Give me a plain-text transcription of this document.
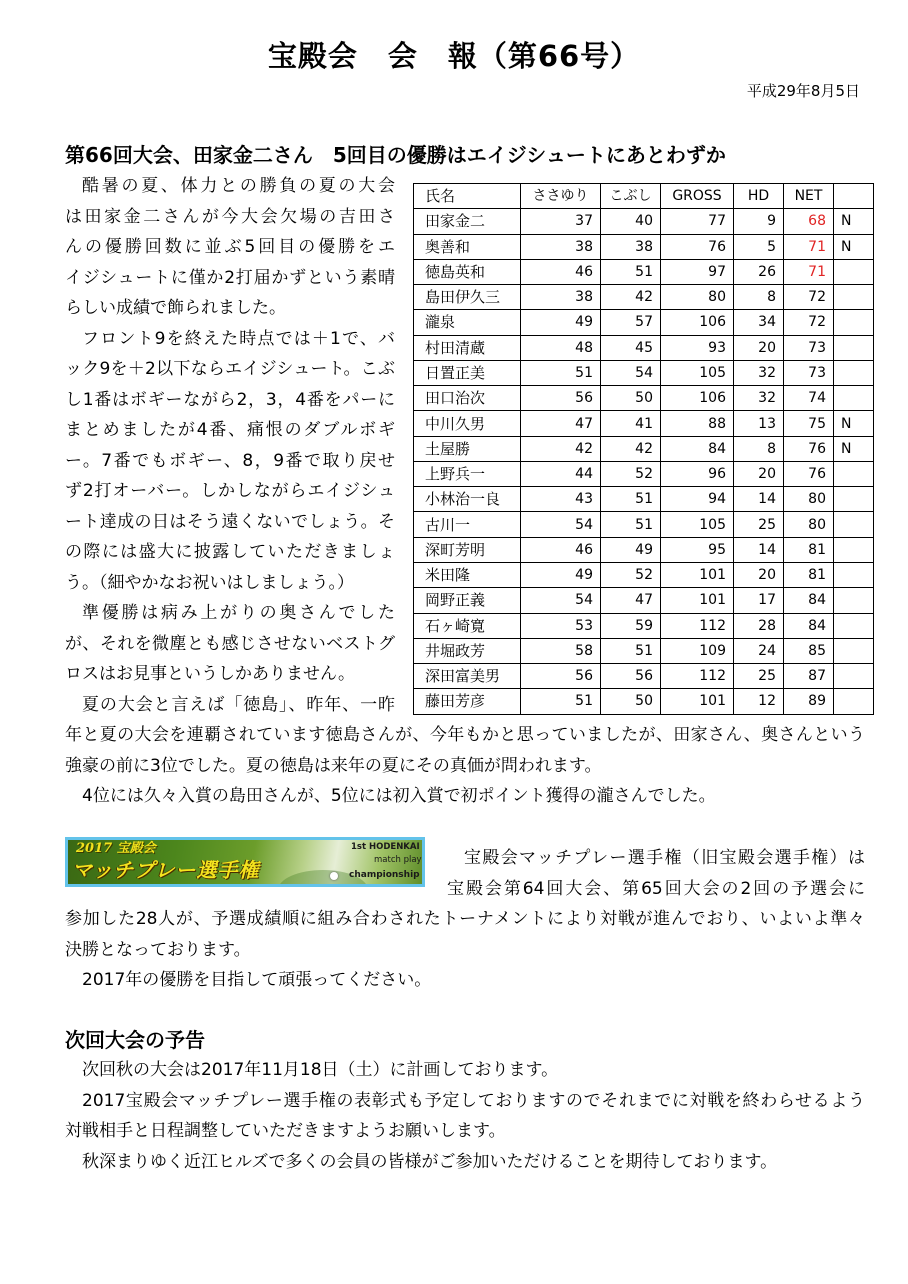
宝殿会　会　報（第66号）
平成29年8月5日
第66回大会、田家金二さん　5回目の優勝はエイジシュートにあとわずか
酷暑の夏、体力との勝負の夏の大会
は田家金二さんが今大会欠場の吉田さ
んの優勝回数に並ぶ5回目の優勝をエ
イジシュートに僅か2打届かずという素晴
らしい成績で飾られました。
フロント9を終えた時点では＋1で、バ
ック9を＋2以下ならエイジシュート。こぶ
し1番はボギーながら2，3，4番をパーに
まとめましたが4番、痛恨のダブルボギ
ー。7番でもボギー、8，9番で取り戻せ
ず2打オーバー。しかしながらエイジシュ
ート達成の日はそう遠くないでしょう。そ
の際には盛大に披露していただきましょ
う。（細やかなお祝いはしましょう。）
準優勝は病み上がりの奥さんでした
が、それを微塵とも感じさせないベストグ
ロスはお見事というしかありません。
夏の大会と言えば「徳島」、昨年、一昨
年と夏の大会を連覇されています徳島さんが、今年もかと思っていましたが、田家さん、奥さんという
強豪の前に3位でした。夏の徳島は来年の夏にその真価が問われます。
4位には久々入賞の島田さんが、5位には初入賞で初ポイント獲得の瀧さんでした。
氏名	ささゆり	こぶし	GROSS	HD	NET	
田家金二	37	40	77	9	68	N
奥善和	38	38	76	5	71	N
徳島英和	46	51	97	26	71	
島田伊久三	38	42	80	8	72	
瀧泉	49	57	106	34	72	
村田清蔵	48	45	93	20	73	
日置正美	51	54	105	32	73	
田口治次	56	50	106	32	74	
中川久男	47	41	88	13	75	N
土屋勝	42	42	84	8	76	N
上野兵一	44	52	96	20	76	
小林治一良	43	51	94	14	80	
古川一	54	51	105	25	80	
深町芳明	46	49	95	14	81	
米田隆	49	52	101	20	81	
岡野正義	54	47	101	17	84	
石ヶ崎寛	53	59	112	28	84	
井堀政芳	58	51	109	24	85	
深田富美男	56	56	112	25	87	
藤田芳彦	51	50	101	12	89	
2017 宝殿会
マッチプレー選手権
1st HODENKAI
match play
championship
宝殿会マッチプレー選手権（旧宝殿会選手権）は
宝殿会第64回大会、第65回大会の2回の予選会に
参加した28人が、予選成績順に組み合わされたトーナメントにより対戦が進んでおり、いよいよ準々
決勝となっております。
2017年の優勝を目指して頑張ってください。
次回大会の予告
次回秋の大会は2017年11月18日（土）に計画しております。
2017宝殿会マッチプレー選手権の表彰式も予定しておりますのでそれまでに対戦を終わらせるよう
対戦相手と日程調整していただきますようお願いします。
秋深まりゆく近江ヒルズで多くの会員の皆様がご参加いただけることを期待しております。
